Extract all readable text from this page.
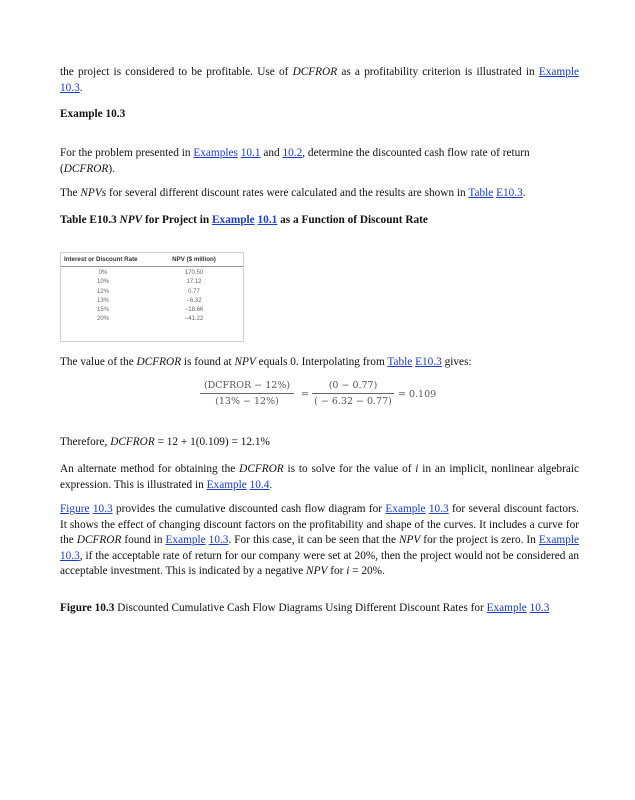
the project is considered to be profitable. Use of DCFROR as a profitability criterion is illustrated in Example 10.3.

Example 10.3

For the problem presented in Examples 10.1 and 10.2, determine the discounted cash flow rate of return
(DCFROR).

The NPVs for several different discount rates were calculated and the results are shown in Table E10.3.

Table E10.3 NPV for Project in Example 10.1 as a Function of Discount Rate

Interest or Discount Rate	NPV ($ million)
0%	170.50
10%	17.12
12%	0.77
13%	−6.32
15%	−18.66
20%	−41.22

The value of the DCFROR is found at NPV equals 0. Interpolating from Table E10.3 gives:

(DCFROR − 12%)
(13% − 12%)
= $\frac{(0 - 0.77)}{( - 6.32 - 0.77)} = 0.109$

Therefore, DCFROR = 12 + 1(0.109) = 12.1%

An alternate method for obtaining the DCFROR is to solve for the value of i in an implicit, nonlinear algebraic expression. This is illustrated in Example 10.4.

Figure 10.3 provides the cumulative discounted cash flow diagram for Example 10.3 for several discount factors. It shows the effect of changing discount factors on the profitability and shape of the curves. It includes a curve for the DCFROR found in Example 10.3. For this case, it can be seen that the NPV for the project is zero. In Example 10.3, if the acceptable rate of return for our company were set at 20%, then the project would not be considered an acceptable investment. This is indicated by a negative NPV for i = 20%.

Figure 10.3 Discounted Cumulative Cash Flow Diagrams Using Different Discount Rates for Example 10.3
